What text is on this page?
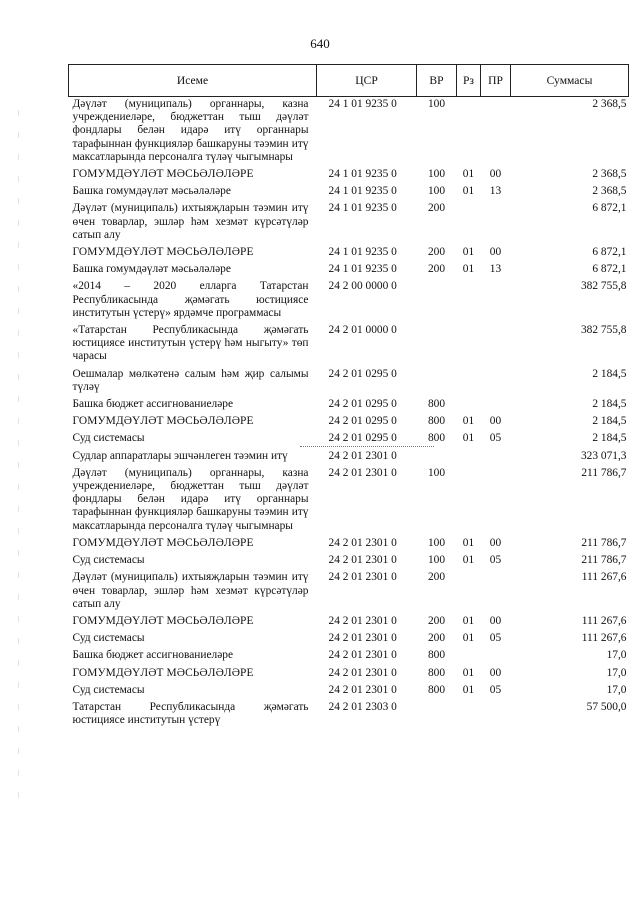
640
Исеме	ЦСР	ВР	Рз	ПР	Суммасы
Дәүләт (муниципаль) органнары, казна учреждениеләре, бюджеттан тыш дәүләт фондлары белән идарә итү органнары тарафыннан функцияләр башкаруны тәэмин итү максатларында персоналга түләү чыгымнары	24 1 01 9235 0	100			2 368,5
ГОМУМДӘҮЛӘТ МӘСЬӘЛӘЛӘРЕ	24 1 01 9235 0	100	01	00	2 368,5
Башка гомумдәүләт мәсьәләләре	24 1 01 9235 0	100	01	13	2 368,5
Дәүләт (муниципаль) ихтыяҗларын тәэмин итү өчен товарлар, эшләр һәм хезмәт күрсәтүләр сатып алу	24 1 01 9235 0	200			6 872,1
ГОМУМДӘҮЛӘТ МӘСЬӘЛӘЛӘРЕ	24 1 01 9235 0	200	01	00	6 872,1
Башка гомумдәүләт мәсьәләләре	24 1 01 9235 0	200	01	13	6 872,1
«2014 – 2020 елларга Татарстан Республикасында җәмәгать юстициясе институтын үстерү» ярдәмче программасы	24 2 00 0000 0				382 755,8
«Татарстан Республикасында җәмәгать юстициясе институтын үстерү һәм ныгыту» төп чарасы	24 2 01 0000 0				382 755,8
Оешмалар мөлкәтенә салым һәм җир салымы түләү	24 2 01 0295 0				2 184,5
Башка бюджет ассигнованиеләре	24 2 01 0295 0	800			2 184,5
ГОМУМДӘҮЛӘТ МӘСЬӘЛӘЛӘРЕ	24 2 01 0295 0	800	01	00	2 184,5
Суд системасы	24 2 01 0295 0	800	01	05	2 184,5
Судлар аппаратлары эшчәнлеген тәэмин итү	24 2 01 2301 0				323 071,3
Дәүләт (муниципаль) органнары, казна учреждениеләре, бюджеттан тыш дәүләт фондлары белән идарә итү органнары тарафыннан функцияләр башкаруны тәэмин итү максатларында персоналга түләү чыгымнары	24 2 01 2301 0	100			211 786,7
ГОМУМДӘҮЛӘТ МӘСЬӘЛӘЛӘРЕ	24 2 01 2301 0	100	01	00	211 786,7
Суд системасы	24 2 01 2301 0	100	01	05	211 786,7
Дәүләт (муниципаль) ихтыяҗларын тәэмин итү өчен товарлар, эшләр һәм хезмәт күрсәтүләр сатып алу	24 2 01 2301 0	200			111 267,6
ГОМУМДӘҮЛӘТ МӘСЬӘЛӘЛӘРЕ	24 2 01 2301 0	200	01	00	111 267,6
Суд системасы	24 2 01 2301 0	200	01	05	111 267,6
Башка бюджет ассигнованиеләре	24 2 01 2301 0	800			17,0
ГОМУМДӘҮЛӘТ МӘСЬӘЛӘЛӘРЕ	24 2 01 2301 0	800	01	00	17,0
Суд системасы	24 2 01 2301 0	800	01	05	17,0
Татарстан Республикасында җәмәгать юстициясе институтын үстерү	24 2 01 2303 0				57 500,0
